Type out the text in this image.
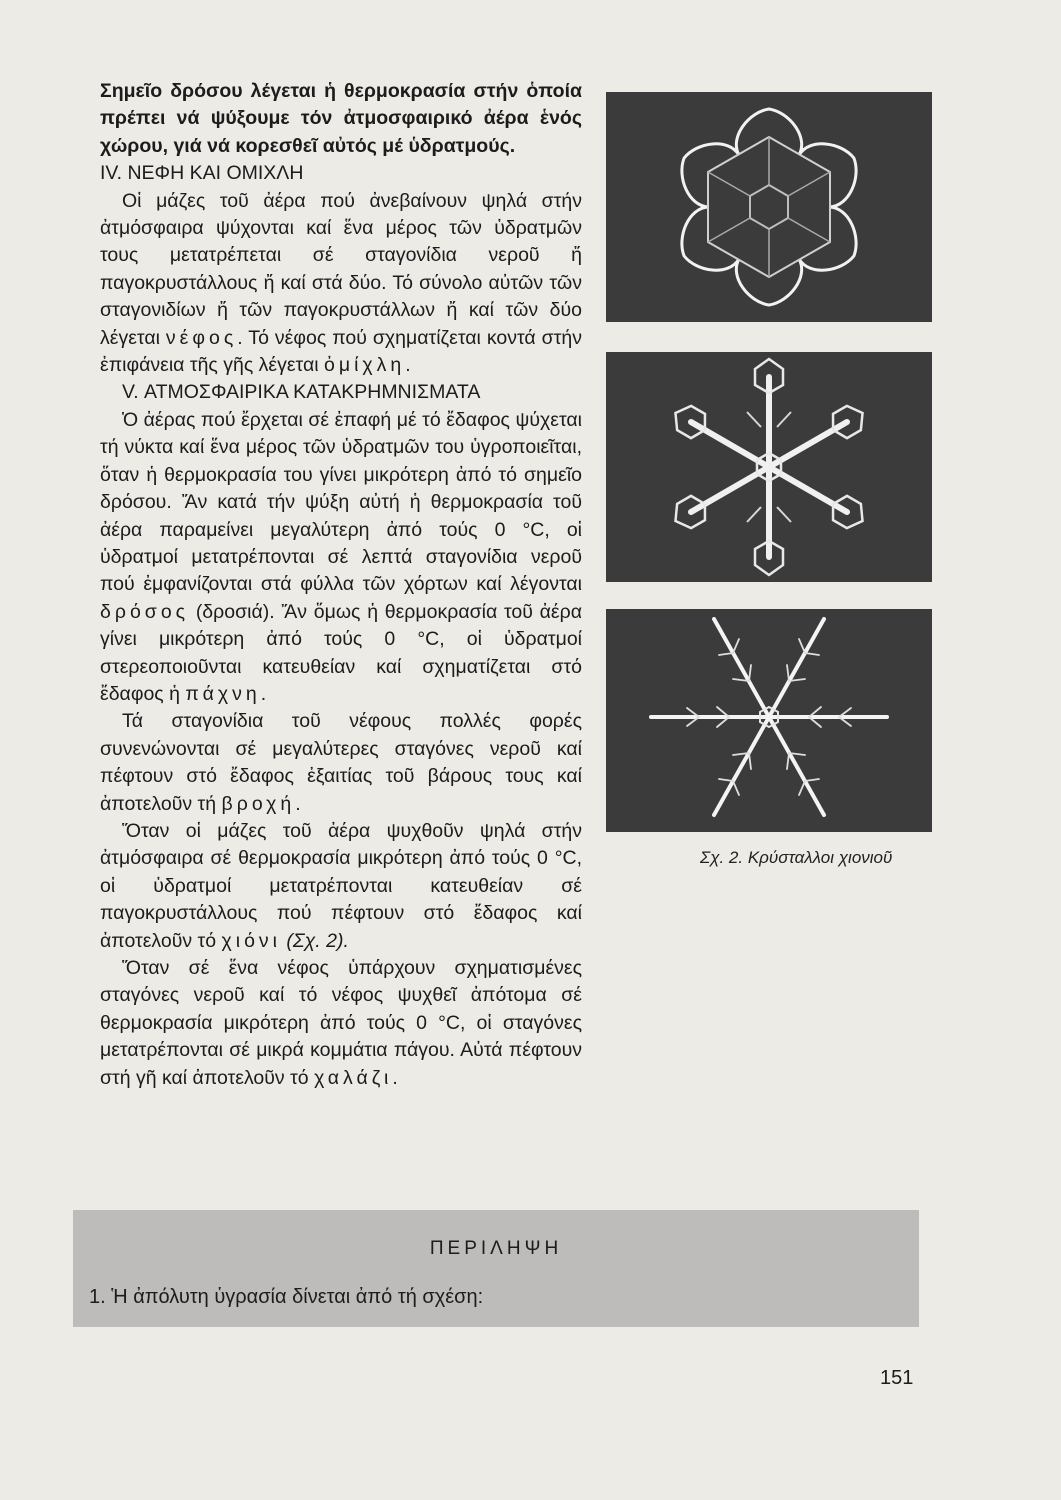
Σημεῖο δρόσου λέγεται ἡ θερμοκρασία στήν ὁποία πρέπει νά ψύξουμε τόν ἀτμοσφαιρικό ἀέρα ἑνός χώρου, γιά νά κορεσθεῖ αὐτός μέ ὑδρατμούς.

IV. ΝΕΦΗ ΚΑΙ ΟΜΙΧΛΗ

Οἱ μάζες τοῦ ἀέρα πού ἀνεβαίνουν ψηλά στήν ἀτμόσφαιρα ψύχονται καί ἕνα μέρος τῶν ὑδρατμῶν τους μετατρέπεται σέ σταγονίδια νεροῦ ἤ παγοκρυστάλλους ἤ καί στά δύο. Τό σύνολο αὐτῶν τῶν σταγονιδίων ἤ τῶν παγοκρυστάλλων ἤ καί τῶν δύο λέγεται νέφος. Τό νέφος πού σχηματίζεται κοντά στήν ἐπιφάνεια τῆς γῆς λέγεται ὀμίχλη.

V. ΑΤΜΟΣΦΑΙΡΙΚΑ ΚΑΤΑΚΡΗΜΝΙΣΜΑΤΑ

Ὁ ἀέρας πού ἔρχεται σέ ἐπαφή μέ τό ἔδαφος ψύχεται τή νύκτα καί ἕνα μέρος τῶν ὑδρατμῶν του ὑγροποιεῖται, ὅταν ἡ θερμοκρασία του γίνει μικρότερη ἀπό τό σημεῖο δρόσου. Ἄν κατά τήν ψύξη αὐτή ἡ θερμοκρασία τοῦ ἀέρα παραμείνει μεγαλύτερη ἀπό τούς 0 °C, οἱ ὑδρατμοί μετατρέπονται σέ λεπτά σταγονίδια νεροῦ πού ἐμφανίζονται στά φύλλα τῶν χόρτων καί λέγονται δρόσος (δροσιά). Ἄν ὅμως ἡ θερμοκρασία τοῦ ἀέρα γίνει μικρότερη ἀπό τούς 0 °C, οἱ ὑδρατμοί στερεοποιοῦνται κατευθείαν καί σχηματίζεται στό ἔδαφος ἡ πάχνη.

Τά σταγονίδια τοῦ νέφους πολλές φορές συνενώνονται σέ μεγαλύτερες σταγόνες νεροῦ καί πέφτουν στό ἔδαφος ἐξαιτίας τοῦ βάρους τους καί ἀποτελοῦν τή βροχή.

Ὅταν οἱ μάζες τοῦ ἀέρα ψυχθοῦν ψηλά στήν ἀτμόσφαιρα σέ θερμοκρασία μικρότερη ἀπό τούς 0 °C, οἱ ὑδρατμοί μετατρέπονται κατευθείαν σέ παγοκρυστάλλους πού πέφτουν στό ἔδαφος καί ἀποτελοῦν τό χιόνι (Σχ. 2).

Ὅταν σέ ἕνα νέφος ὑπάρχουν σχηματισμένες σταγόνες νεροῦ καί τό νέφος ψυχθεῖ ἀπότομα σέ θερμοκρασία μικρότερη ἀπό τούς 0 °C, οἱ σταγόνες μετατρέπονται σέ μικρά κομμάτια πάγου. Αὐτά πέφτουν στή γῆ καί ἀποτελοῦν τό χαλάζι.

Σχ. 2. Κρύσταλλοι χιονιοῦ
ΠΕΡΙΛΗΨΗ
1. Ἡ ἀπόλυτη ὑγρασία δίνεται ἀπό τή σχέση:
151
